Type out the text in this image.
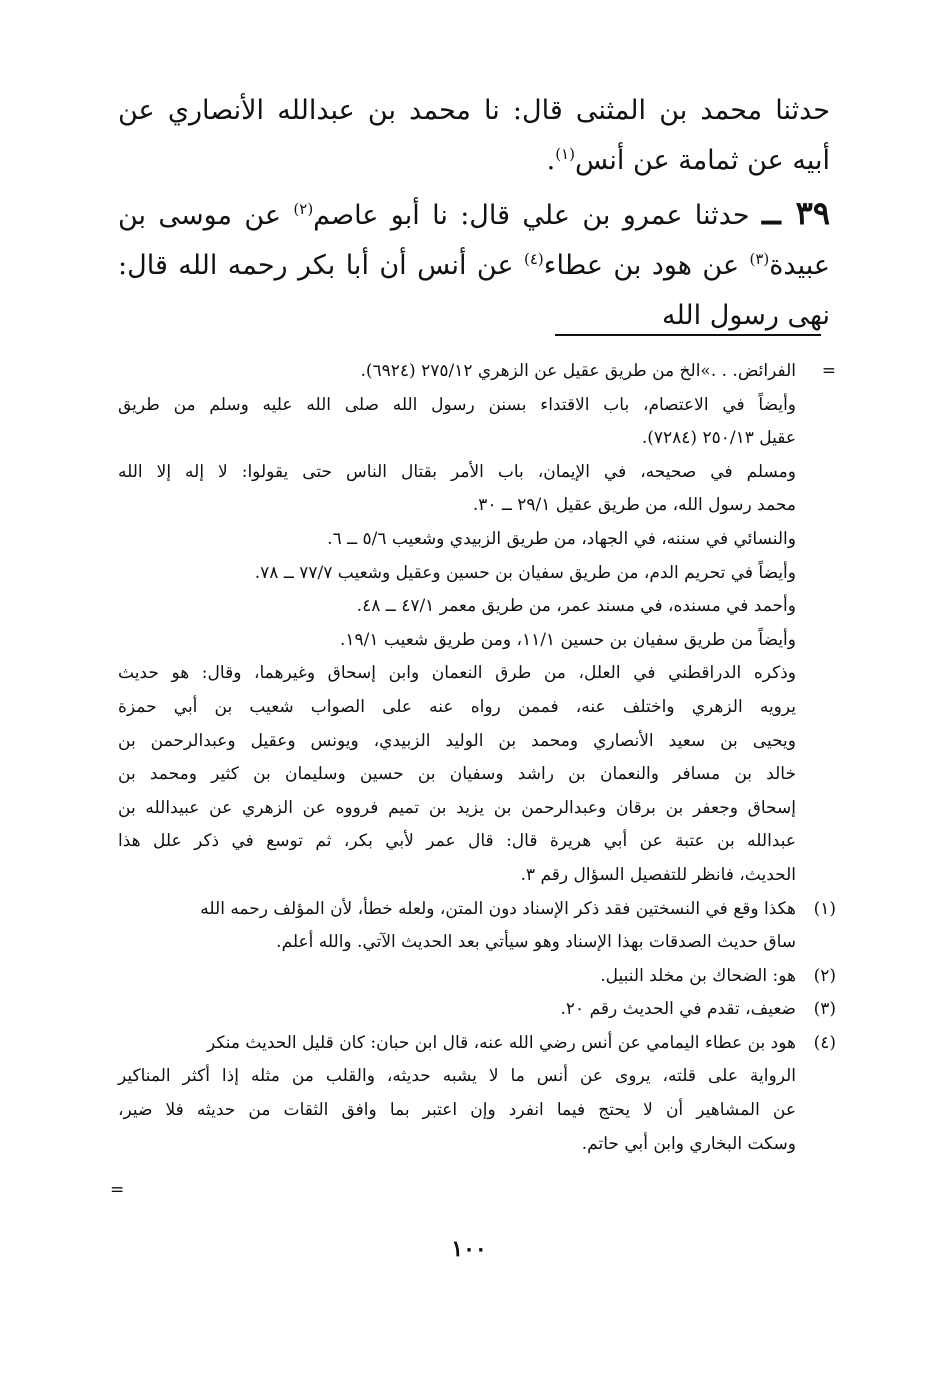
حدثنا محمد بن المثنى قال: نا محمد بن عبدالله الأنصاري عن أبيه عن ثمامة عن أنس$^{(١)}$.

٣٩ ــ حدثنا عمرو بن علي قال: نا أبو عاصم$^{(٢)}$ عن موسى بن عبيدة$^{(٣)}$ عن هود بن عطاء$^{(٤)}$ عن أنس أن أبا بكر رحمه الله قال: نهى رسول الله

=الفرائض. . .»الخ من طريق عقيل عن الزهري ٢٧٥/١٢ (٦٩٢٤).
وأيضاً في الاعتصام، باب الاقتداء بسنن رسول الله صلى الله عليه وسلم من طريق
عقيل ٢٥٠/١٣ (٧٢٨٤).
ومسلم في صحيحه، في الإيمان، باب الأمر بقتال الناس حتى يقولوا: لا إله إلا الله
محمد رسول الله، من طريق عقيل ٢٩/١ ــ ٣٠.
والنسائي في سننه، في الجهاد، من طريق الزبيدي وشعيب ٥/٦ ــ ٦.
وأيضاً في تحريم الدم، من طريق سفيان بن حسين وعقيل وشعيب ٧٧/٧ ــ ٧٨.
وأحمد في مسنده، في مسند عمر، من طريق معمر ٤٧/١ ــ ٤٨.
وأيضاً من طريق سفيان بن حسين ١١/١، ومن طريق شعيب ١٩/١.
وذكره الدراقطني في العلل، من طرق النعمان وابن إسحاق وغيرهما، وقال: هو حديث
يرويه الزهري واختلف عنه، فممن رواه عنه على الصواب شعيب بن أبي حمزة
ويحيى بن سعيد الأنصاري ومحمد بن الوليد الزبيدي، ويونس وعقيل وعبدالرحمن بن
خالد بن مسافر والنعمان بن راشد وسفيان بن حسين وسليمان بن كثير ومحمد بن
إسحاق وجعفر بن برقان وعبدالرحمن بن يزيد بن تميم فرووه عن الزهري عن عبيدالله بن
عبدالله بن عتبة عن أبي هريرة قال: قال عمر لأبي بكر، ثم توسع في ذكر علل هذا
الحديث، فانظر للتفصيل السؤال رقم ٣.
(١)هكذا وقع في النسختين فقد ذكر الإسناد دون المتن، ولعله خطأ، لأن المؤلف رحمه الله
ساق حديث الصدقات بهذا الإسناد وهو سيأتي بعد الحديث الآتي. والله أعلم.
(٢)هو: الضحاك بن مخلد النبيل.
(٣)ضعيف، تقدم في الحديث رقم ٢٠.
(٤)هود بن عطاء اليمامي عن أنس رضي الله عنه، قال ابن حبان: كان قليل الحديث منكر
الرواية على قلته، يروى عن أنس ما لا يشبه حديثه، والقلب من مثله إذا أكثر المناكير
عن المشاهير أن لا يحتج فيما انفرد وإن اعتبر بما وافق الثقات من حديثه فلا ضير،
وسكت البخاري وابن أبي حاتم.
=
١٠٠
